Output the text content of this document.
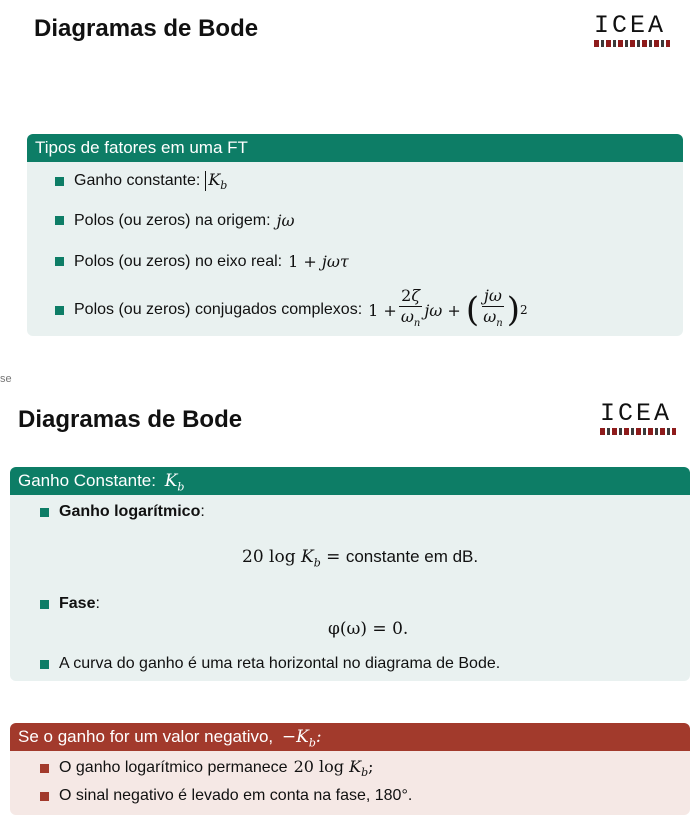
Diagramas de Bode	ICEA
Tipos de fatores em uma FT
Ganho constante: $K_b$
Polos (ou zeros) na origem: jω
Polos (ou zeros) no eixo real: 1 + jωτ
Polos (ou zeros) conjugados complexos: $1 + \frac{2\zeta}{\omega_n}$ jω + ( $\frac{j\omega}{\omega_n}$ ) 2
se
Diagramas de Bode	ICEA
Ganho Constante: $K_b$
Ganho logarítmico :
20 $\log K_b$ = constante em dB.
Fase :
φ(ω) = 0.
A curva do ganho é uma reta horizontal no diagrama de Bode.
Se o ganho for um valor negativo, $-K_b$:
O ganho logarítmico permanece 20 $\log K_b$;
O sinal negativo é levado em conta na fase, 180°.
